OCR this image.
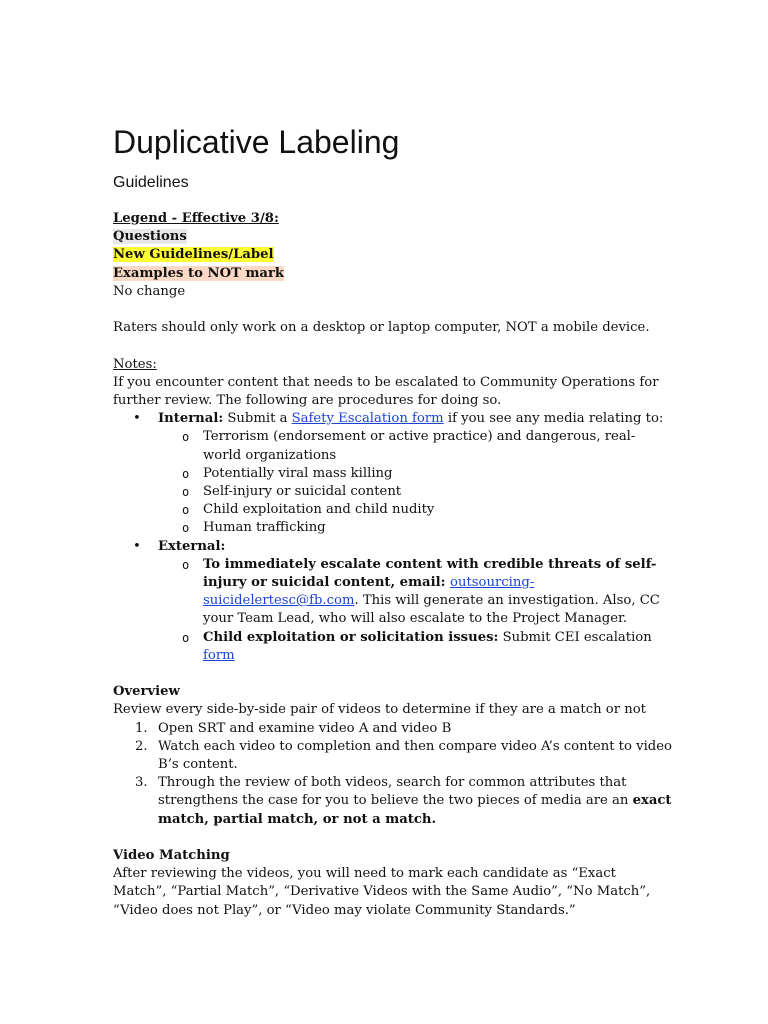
Duplicative Labeling
Guidelines
Legend - Effective 3/8:
Questions
New Guidelines/Label
Examples to NOT mark
No change
Raters should only work on a desktop or laptop computer, NOT a mobile device.
Notes:
If you encounter content that needs to be escalated to Community Operations for further review. The following are procedures for doing so.
• Internal: Submit a Safety Escalation form if you see any media relating to:
o Terrorism (endorsement or active practice) and dangerous, real-world organizations
o Potentially viral mass killing
o Self-injury or suicidal content
o Child exploitation and child nudity
o Human trafficking
• External:
o To immediately escalate content with credible threats of self-injury or suicidal content, email: outsourcing-suicidelertesc@fb.com. This will generate an investigation. Also, CC your Team Lead, who will also escalate to the Project Manager.
o Child exploitation or solicitation issues: Submit CEI escalation form
Overview
Review every side-by-side pair of videos to determine if they are a match or not
1. Open SRT and examine video A and video B
2. Watch each video to completion and then compare video A’s content to video B’s content.
3. Through the review of both videos, search for common attributes that strengthens the case for you to believe the two pieces of media are an exact match, partial match, or not a match.
Video Matching
After reviewing the videos, you will need to mark each candidate as “Exact Match”, “Partial Match”, “Derivative Videos with the Same Audio”, “No Match”, “Video does not Play”, or “Video may violate Community Standards.”
